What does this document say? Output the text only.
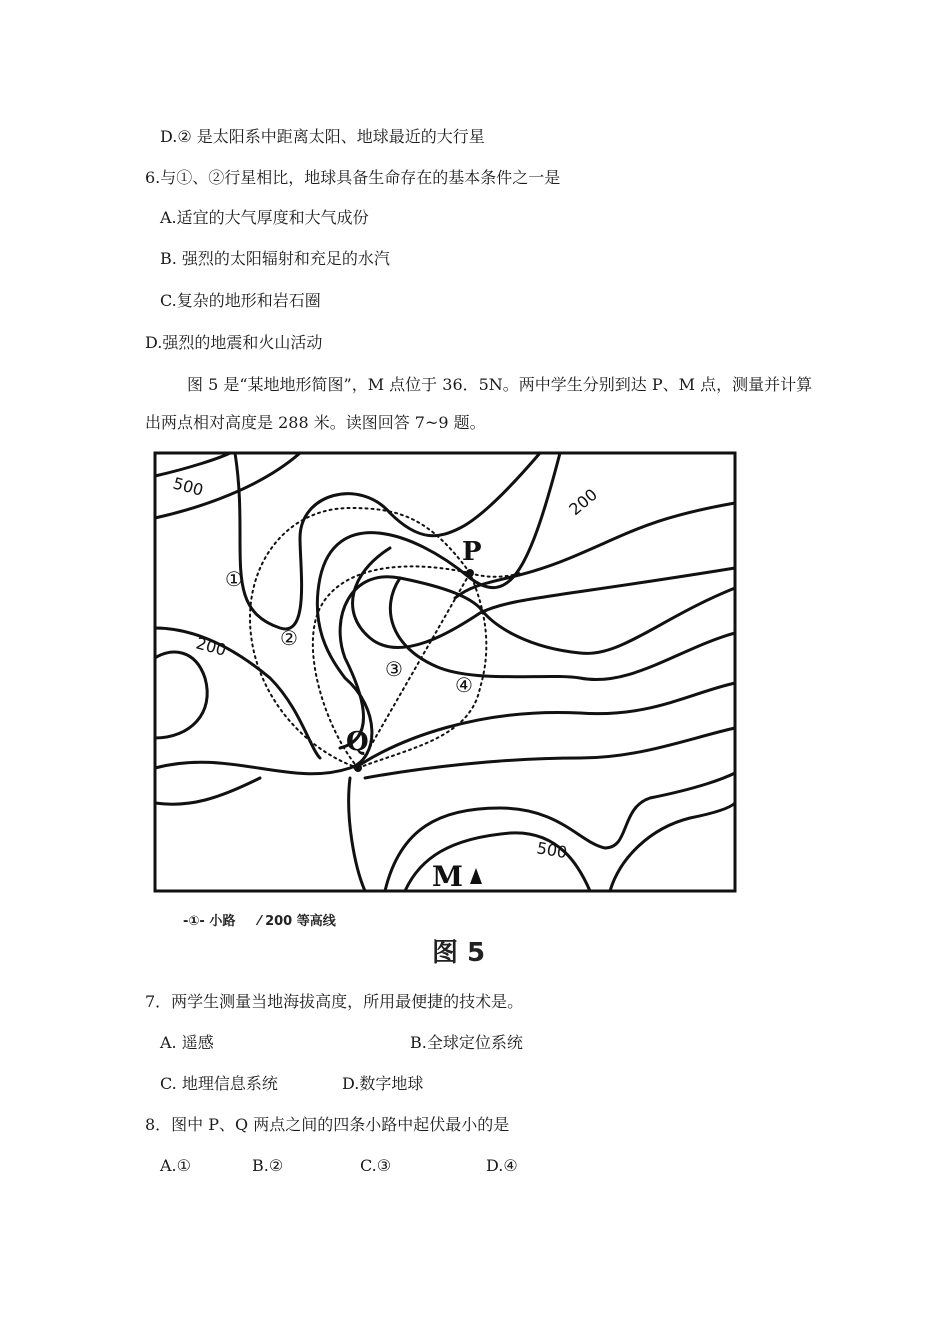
D.② 是太阳系中距离太阳、地球最近的大行星
6.与①、②行星相比，地球具备生命存在的基本条件之一是
A.适宜的大气厚度和大气成份
B. 强烈的太阳辐射和充足的水汽
C.复杂的地形和岩石圈
D.强烈的地震和火山活动
图 5 是“某地地形简图”，M 点位于 36．5N。两中学生分别到达 P、M 点，测量并计算
出两点相对高度是 288 米。读图回答 7~9 题。
500	200
200
500
①
②
③
④
P
Q
M
-①- 小路 ⁄ 200 等高线
图 5
7．两学生测量当地海拔高度，所用最便捷的技术是。
A. 遥感	B.全球定位系统
C. 地理信息系统	D.数字地球
8．图中 P、Q 两点之间的四条小路中起伏最小的是
A.①	B.②	C.③	D.④
